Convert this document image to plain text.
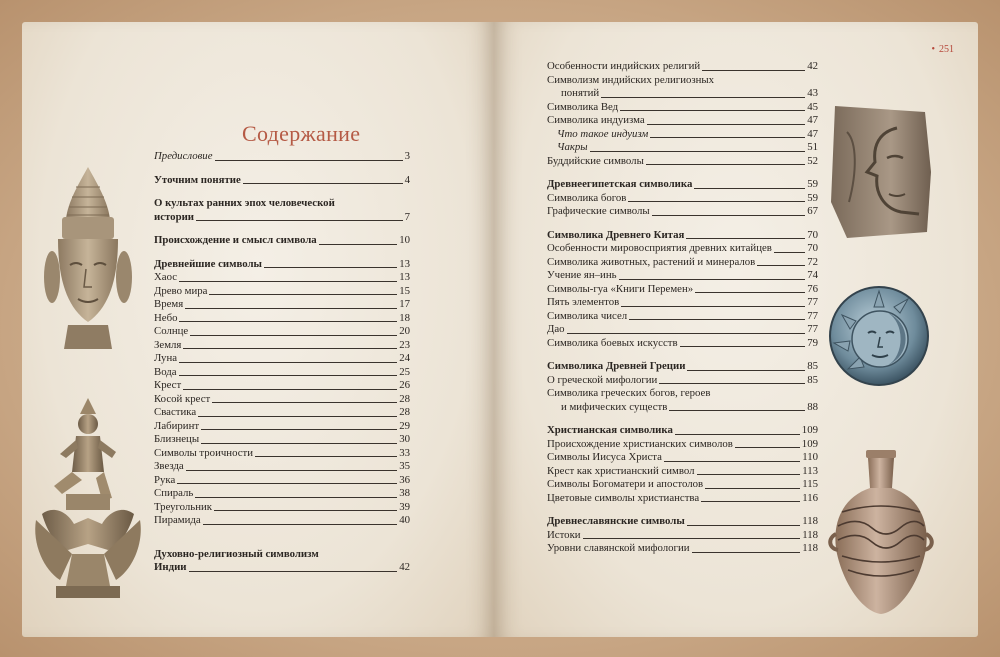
Содержание
Предисловие	3
Уточним понятие	4
О культах ранних эпох человеческой
истории	7
Происхождение и смысл символа	10
Древнейшие символы	13
Хаос	13
Древо мира	15
Время	17
Небо	18
Солнце	20
Земля	23
Луна	24
Вода	25
Крест	26
Косой крест	28
Свастика	28
Лабиринт	29
Близнецы	30
Символы троичности	33
Звезда	35
Рука	36
Спираль	38
Треугольник	39
Пирамида	40
Духовно-религиозный символизм
Индии	42
• 251
Особенности индийских религий	42
Символизм индийских религиозных
понятий	43
Символика Вед	45
Символика индуизма	47
Что такое индуизм	47
Чакры	51
Буддийские символы	52
Древнеегипетская символика	59
Символика богов	59
Графические символы	67
Символика Древнего Китая	70
Особенности мировосприятия древних китайцев	70
Символика животных, растений и минералов	72
Учение ян–инь	74
Символы-гуа «Книги Перемен»	76
Пять элементов	77
Символика чисел	77
Дао	77
Символика боевых искусств	79
Символика Древней Греции	85
О греческой мифологии	85
Символика греческих богов, героев
и мифических существ	88
Христианская символика	109
Происхождение христианских символов	109
Символы Иисуса Христа	110
Крест как христианский символ	113
Символы Богоматери и апостолов	115
Цветовые символы христианства	116
Древнеславянские символы	118
Истоки	118
Уровни славянской мифологии	118
